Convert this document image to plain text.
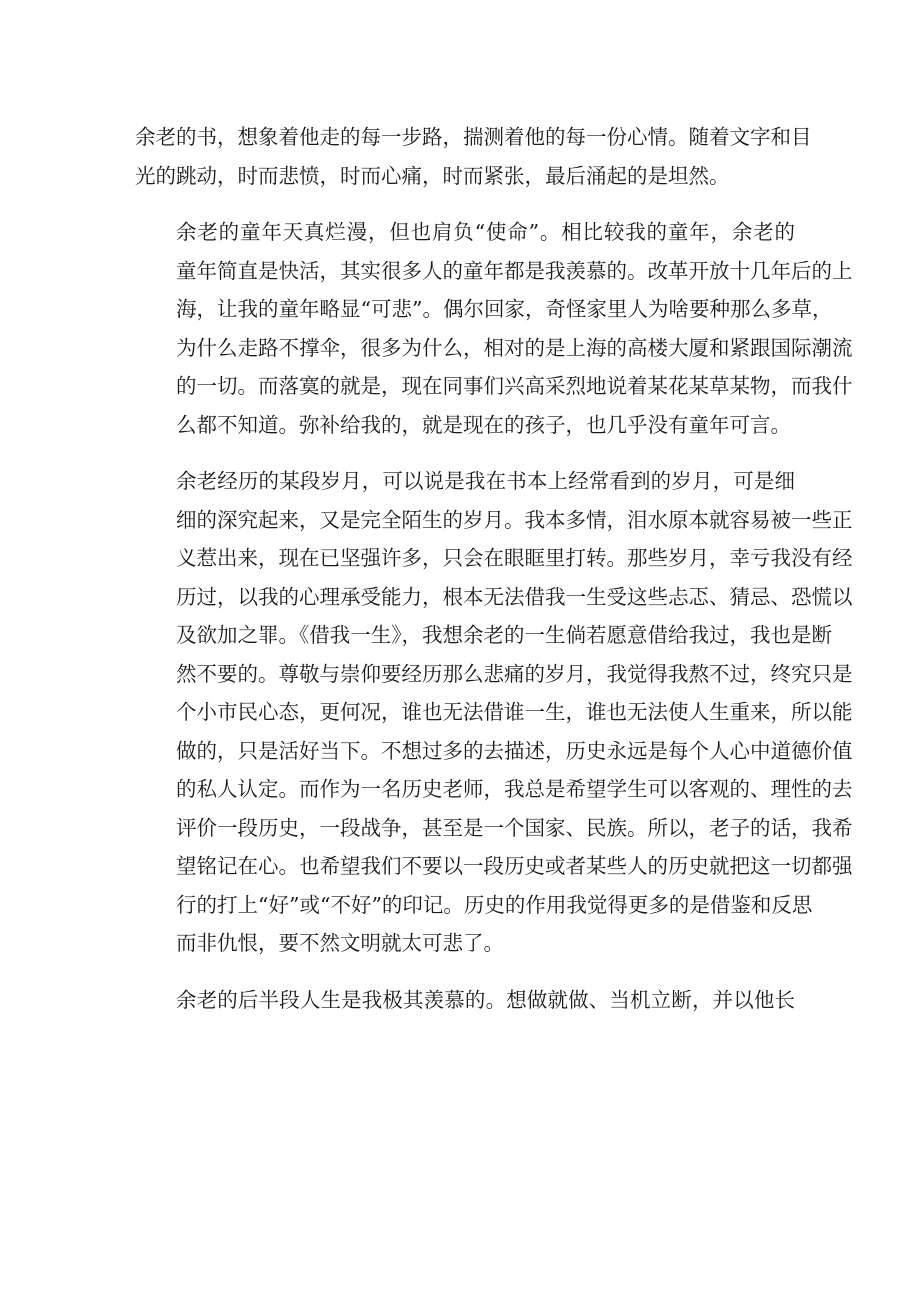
余老的书，想象着他走的每一步路，揣测着他的每一份心情。随着文字和目
光的跳动，时而悲愤，时而心痛，时而紧张，最后涌起的是坦然。

余老的童年天真烂漫，但也肩负“使命”。相比较我的童年，余老的
童年简直是快活，其实很多人的童年都是我羡慕的。改革开放十几年后的上
海，让我的童年略显“可悲”。偶尔回家，奇怪家里人为啥要种那么多草，
为什么走路不撑伞，很多为什么，相对的是上海的高楼大厦和紧跟国际潮流
的一切。而落寞的就是，现在同事们兴高采烈地说着某花某草某物，而我什
么都不知道。弥补给我的，就是现在的孩子，也几乎没有童年可言。

余老经历的某段岁月，可以说是我在书本上经常看到的岁月，可是细
细的深究起来，又是完全陌生的岁月。我本多情，泪水原本就容易被一些正
义惹出来，现在已坚强许多，只会在眼眶里打转。那些岁月，幸亏我没有经
历过，以我的心理承受能力，根本无法借我一生受这些忐忑、猜忌、恐慌以
及欲加之罪。《借我一生》，我想余老的一生倘若愿意借给我过，我也是断
然不要的。尊敬与崇仰要经历那么悲痛的岁月，我觉得我熬不过，终究只是
个小市民心态，更何况，谁也无法借谁一生，谁也无法使人生重来，所以能
做的，只是活好当下。不想过多的去描述，历史永远是每个人心中道德价值
的私人认定。而作为一名历史老师，我总是希望学生可以客观的、理性的去
评价一段历史，一段战争，甚至是一个国家、民族。所以，老子的话，我希
望铭记在心。也希望我们不要以一段历史或者某些人的历史就把这一切都强
行的打上“好”或“不好”的印记。历史的作用我觉得更多的是借鉴和反思
而非仇恨，要不然文明就太可悲了。

余老的后半段人生是我极其羡慕的。想做就做、当机立断，并以他长
